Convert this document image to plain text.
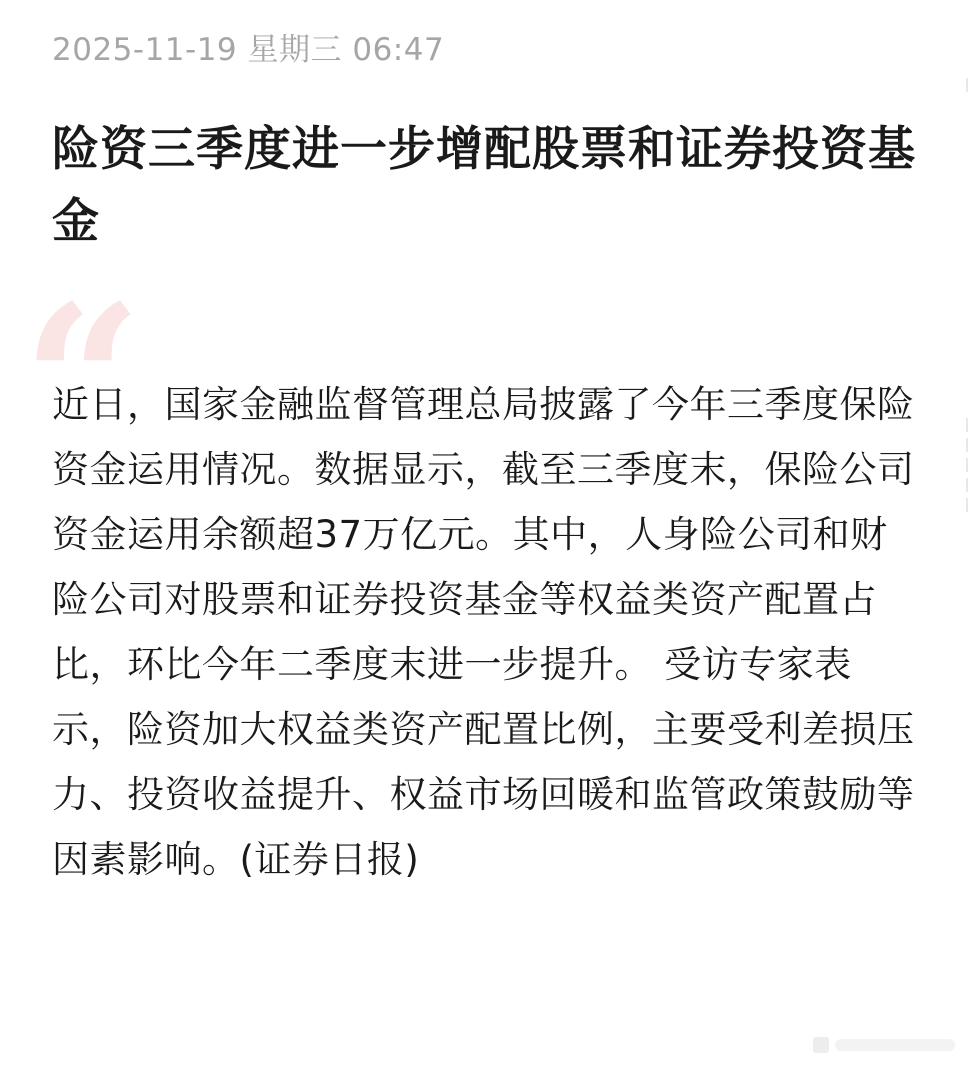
2025-11-19 星期三 06:47
险资三季度进一步增配股票和证券投资基金
“

近日，国家金融监督管理总局披露了今年三季度保险资金运用情况。数据显示，截至三季度末，保险公司资金运用余额超37万亿元。其中，人身险公司和财险公司对股票和证券投资基金等权益类资产配置占比，环比今年二季度末进一步提升。 受访专家表示，险资加大权益类资产配置比例，主要受利差损压力、投资收益提升、权益市场回暖和监管政策鼓励等因素影响。(证券日报)
